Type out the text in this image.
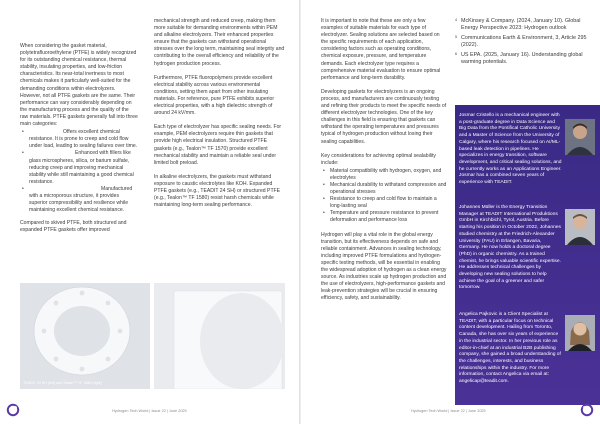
When considering the gasket material, polytetrafluoroethylene (PTFE) is widely recognized for its outstanding chemical resistance, thermal stability, insulating properties, and low-friction characteristics. Its near-total inertness to most chemicals makes it particularly well-suited for the demanding conditions within electrolyzers. However, not all PTFE gaskets are the same. Their performance can vary considerably depending on the manufacturing process and the quality of the raw materials. PTFE gaskets generally fall into three main categories:

• Offers excellent chemical resistance. It is prone to creep and cold flow under load, leading to sealing failures over time.
• Enhanced with fillers like glass microspheres, silica, or barium sulfate, reducing creep and improving mechanical stability while still maintaining a good chemical resistance.
• Manufactured with a microporous structure, it provides superior compressibility and resilience while maintaining excellent chemical resistance.

Compared to skived PTFE, both structured and expanded PTFE gaskets offer improved

mechanical strength and reduced creep, making them more suitable for demanding environments within PEM and alkaline electrolyzers. Their enhanced properties ensure that the gaskets can withstand operational stresses over the long term, maintaining seal integrity and contributing to the overall efficiency and reliability of the hydrogen production process.

Furthermore, PTFE fluoropolymers provide excellent electrical stability across various environmental conditions, setting them apart from other insulating materials. For reference, pure PTFE exhibits superior electrical properties, with a high dielectric strength of around 24 kV/mm.

Each type of electrolyzer has specific sealing needs. For example, PEM electrolyzers require thin gaskets that provide high electrical insulation. Structured PTFE gaskets (e.g., Tealon™ TF 1570) provide excellent mechanical stability and maintain a reliable seal under limited bolt preload.

In alkaline electrolyzers, the gaskets must withstand exposure to caustic electrolytes like KOH. Expanded PTFE gaskets (e.g., TEADIT 24 SH) or structured PTFE (e.g., Tealon™ TF 1580) resist harsh chemicals while maintaining long-term sealing performance.

TEADIT 24 SH (left) and Tealon™ TF 1580 (right)
Hydrogen Tech World | Issue 22 | June 2025

It is important to note that these are only a few examples of suitable materials for each type of electrolyzer. Sealing solutions are selected based on the specific requirements of each application, considering factors such as operating conditions, chemical exposure, pressure, and temperature demands. Each electrolyzer type requires a comprehensive material evaluation to ensure optimal performance and long-term durability.

Developing gaskets for electrolyzers is an ongoing process, and manufacturers are continuously testing and refining their products to meet the specific needs of different electrolyzer technologies. One of the key challenges in this field is ensuring that gaskets can withstand the operating temperatures and pressures typical of hydrogen production without losing their sealing capabilities.

Key considerations for achieving optimal sealability include:

• Material compatibility with hydrogen, oxygen, and electrolytes
• Mechanical durability to withstand compression and operational stresses
• Resistance to creep and cold flow to maintain a long-lasting seal
• Temperature and pressure resistance to prevent deformation and performance loss

Hydrogen will play a vital role in the global energy transition, but its effectiveness depends on safe and reliable containment. Advances in sealing technology, including improved PTFE formulations and hydrogen-specific testing methods, will be essential in enabling the widespread adoption of hydrogen as a clean energy source. As industries scale up hydrogen production and the use of electrolyzers, high-performance gaskets and leak-prevention strategies will be crucial in ensuring efficiency, safety, and sustainability.

4 McKinsey & Company. (2024, January 10). Global Energy Perspective 2023: Hydrogen outlook
5 Communications Earth & Environment, 3, Article 295 (2022).
6 US EPA. (2025, January 16). Understanding global warming potentials.
Josmar Cristello is a mechanical engineer with a post-graduate degree in Data Science and Big Data from the Pontifical Catholic University and a Master of Science from the University of Calgary, where his research focused on AI/ML-based leak detection in pipelines. He specializes in energy transition, software development, and critical sealing solutions, and he currently works as an Applications Engineer. Josmar has a combined seven years of experience with TEADIT.
Johannes Müller is the Energy Transition Manager at TEADIT International Produktions GmbH in Kirchbichl, Tyrol, Austria. Before starting his position in October 2022, Johannes studied chemistry at the Friedrich-Alexander University (FAU) in Erlangen, Bavaria, Germany. He now holds a doctoral degree (PhD) in organic chemistry. As a trained chemist, he brings valuable scientific expertise. He addresses technical challenges by developing new sealing solutions to help achieve the goal of a greener and safer tomorrow.
Angelica Pajkovic is a Client Specialist at TEADIT, with a particular focus on technical content development. Hailing from Toronto, Canada, she has over six years of experience in the industrial sector. In her previous role as editor-in-chief at an industrial B2B publishing company, she gained a broad understanding of the challenges, interests, and business relationships within the industry. For more information, contact Angelica via email at: angelicap@teadit.com.
Hydrogen Tech World | Issue 22 | June 2025
